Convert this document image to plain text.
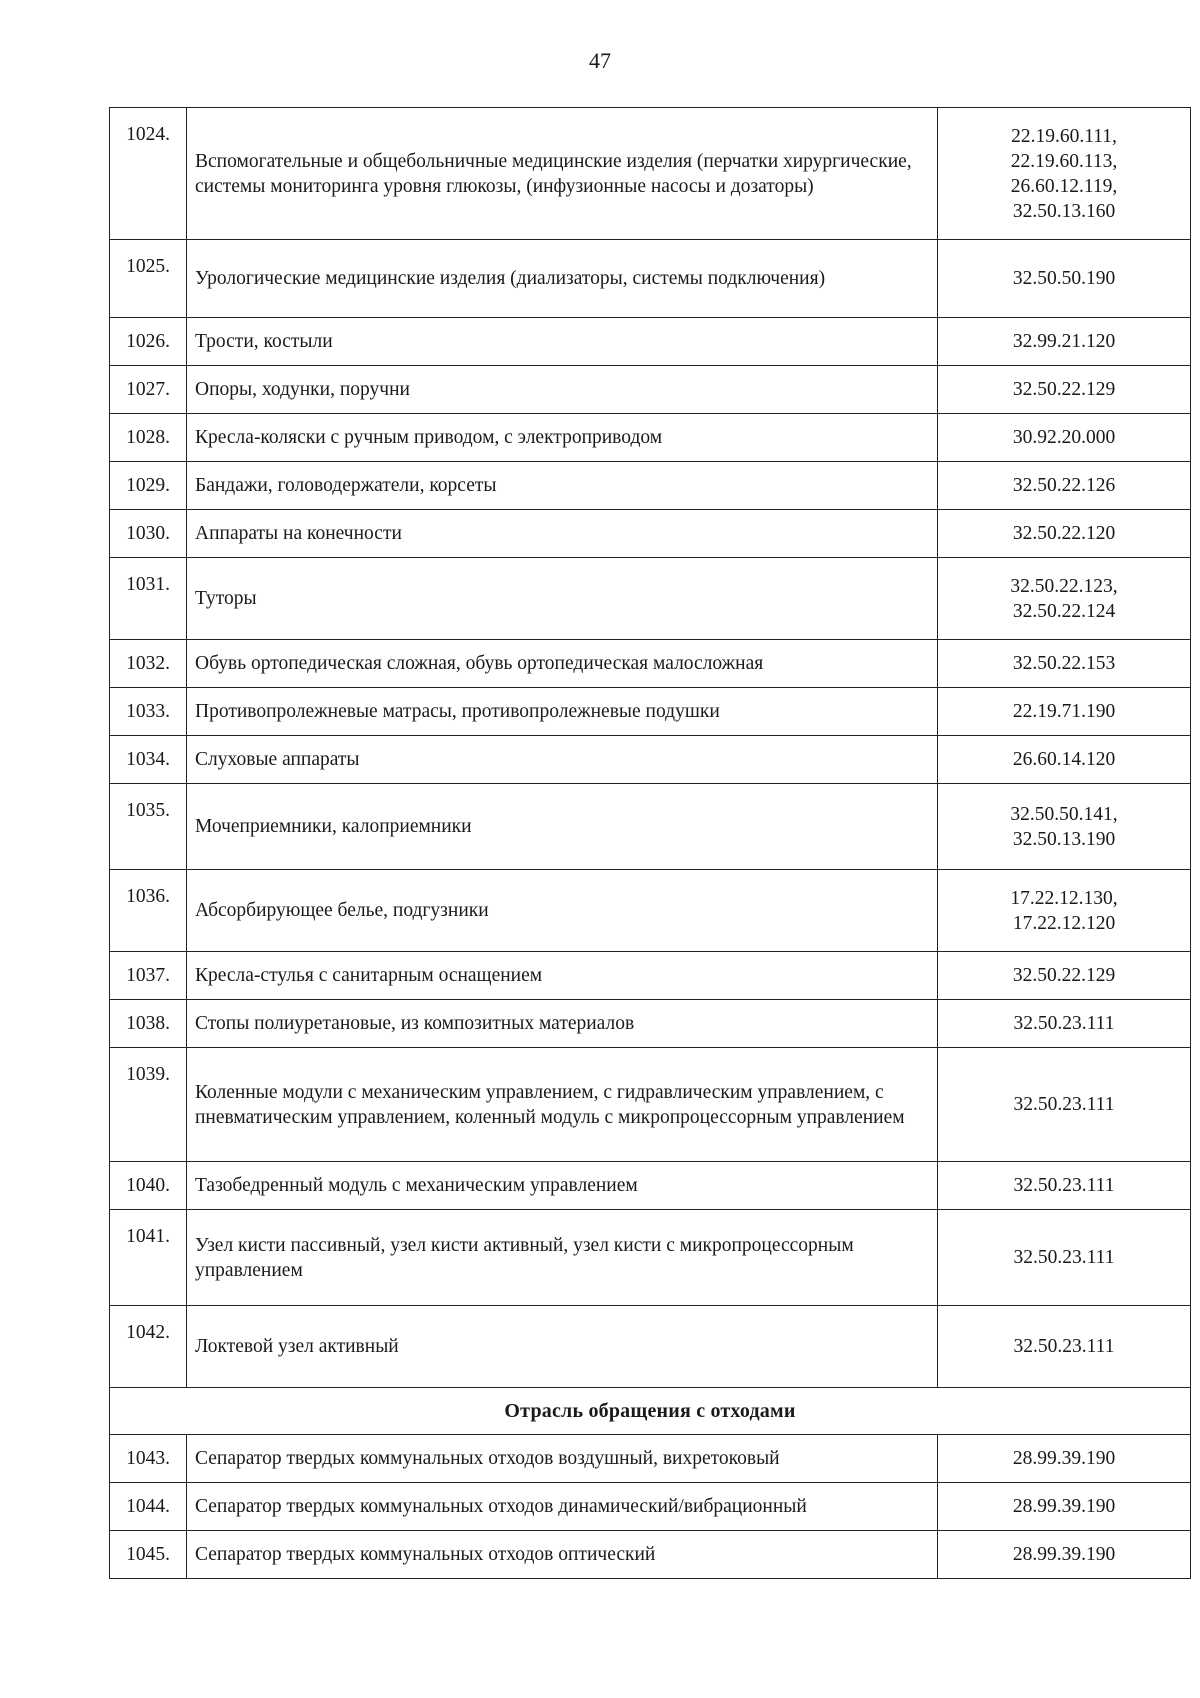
47
1024.	Вспомогательные и общебольничные медицинские изделия (перчатки хирургические, системы мониторинга уровня глюкозы, (инфузионные насосы и дозаторы)	22.19.60.111,
22.19.60.113,
26.60.12.119,
32.50.13.160

1025.	Урологические медицинские изделия (диализаторы, системы подключения)	32.50.50.190

1026.	Трости, костыли	32.99.21.120

1027.	Опоры, ходунки, поручни	32.50.22.129

1028.	Кресла-коляски с ручным приводом, с электроприводом	30.92.20.000

1029.	Бандажи, головодержатели, корсеты	32.50.22.126

1030.	Аппараты на конечности	32.50.22.120

1031.	Туторы	32.50.22.123,
32.50.22.124

1032.	Обувь ортопедическая сложная, обувь ортопедическая малосложная	32.50.22.153

1033.	Противопролежневые матрасы, противопролежневые подушки	22.19.71.190

1034.	Слуховые аппараты	26.60.14.120

1035.	Мочеприемники, калоприемники	32.50.50.141,
32.50.13.190

1036.	Абсорбирующее белье, подгузники	17.22.12.130,
17.22.12.120

1037.	Кресла-стулья с санитарным оснащением	32.50.22.129

1038.	Стопы полиуретановые, из композитных материалов	32.50.23.111

1039.	Коленные модули с механическим управлением, с гидравлическим управлением, с пневматическим управлением, коленный модуль с микропроцессорным управлением	32.50.23.111

1040.	Тазобедренный модуль с механическим управлением	32.50.23.111

1041.	Узел кисти пассивный, узел кисти активный, узел кисти с микропроцессорным управлением	32.50.23.111

1042.	Локтевой узел активный	32.50.23.111

Отрасль обращения с отходами		
1043.	Сепаратор твердых коммунальных отходов воздушный, вихретоковый	28.99.39.190

1044.	Сепаратор твердых коммунальных отходов динамический/вибрационный	28.99.39.190

1045.	Сепаратор твердых коммунальных отходов оптический	28.99.39.190
